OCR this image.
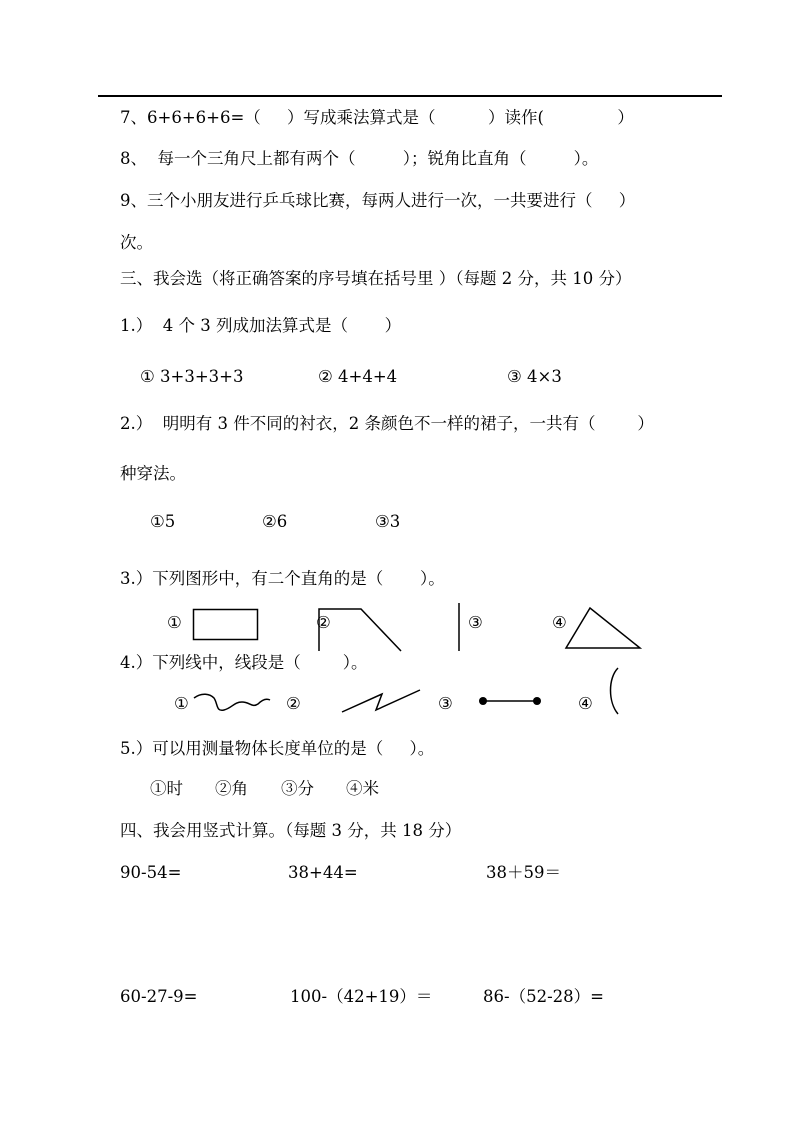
7、6+6+6+6=（     ）写成乘法算式是（          ）读作(              ）
8、  每一个三角尺上都有两个（         ）；锐角比直角（         ）。
9、三个小朋友进行乒乓球比赛，每两人进行一次，一共要进行（     ）
次。
三、我会选（将正确答案的序号填在括号里 ）（每题 2 分，共 10 分）
1.）  4 个 3 列成加法算式是（       ）
① 3+3+3+3	② 4+4+4	③ 4×3
2.）  明明有 3 件不同的衬衣，2 条颜色不一样的裙子，一共有（        ）
种穿法。
①5	②6	③3
3.）下列图形中，有二个直角的是（       ）。
①	②	③	④
4.）下列线中，线段是（        ）。
①	②	③	④
5.）可以用测量物体长度单位的是（     ）。
①时 ②角 ③分 ④米
四、我会用竖式计算。（每题 3 分，共 18 分）
90-54=	38+44=	38＋59＝
60-27-9=	100-（42+19）＝	86-（52-28）=
